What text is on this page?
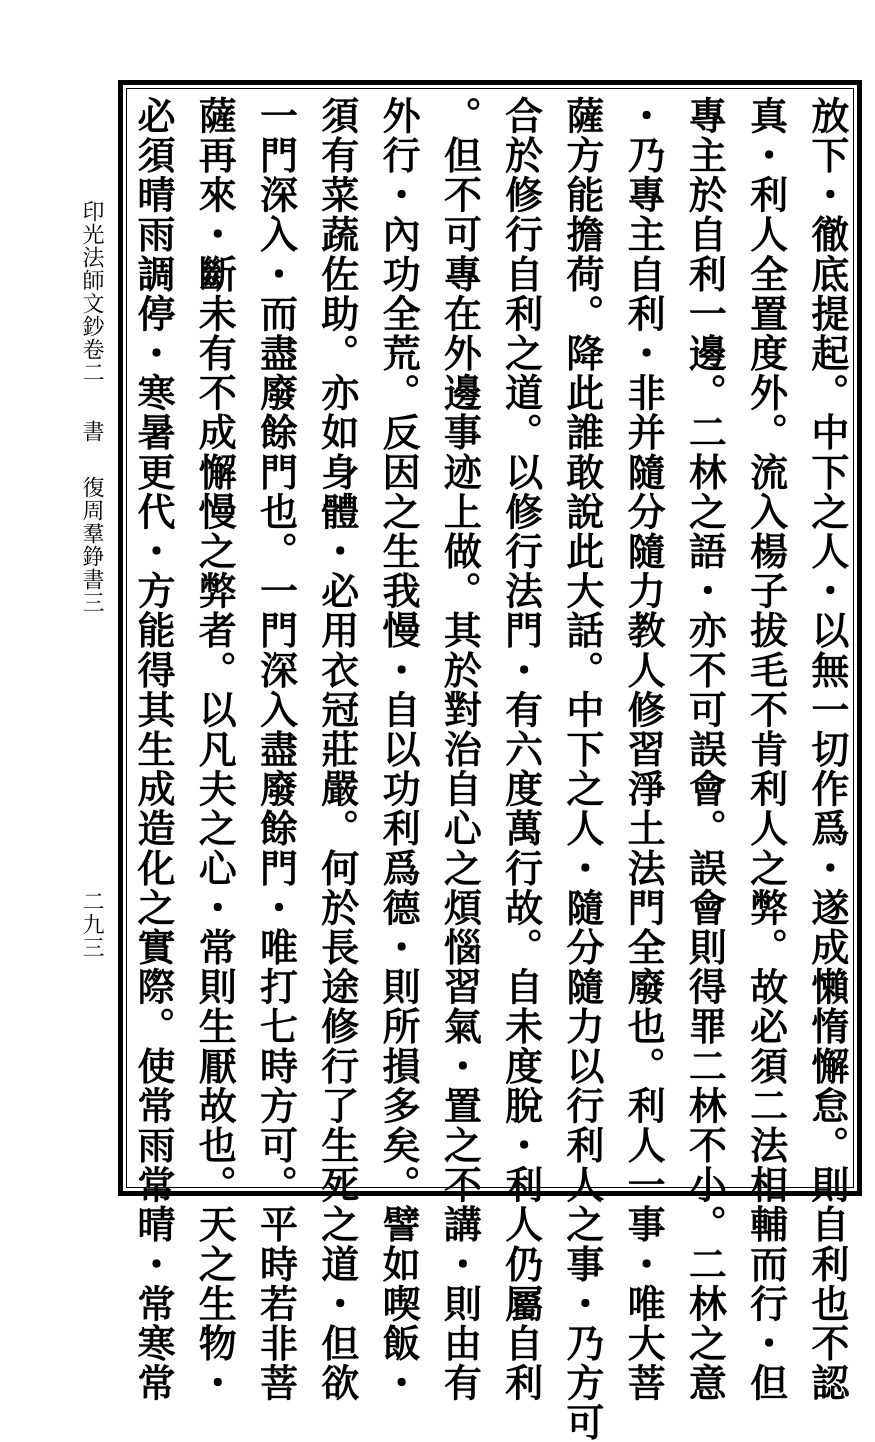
放下・徹底提起。中下之人・以無一切作爲・遂成懶惰懈怠。則自利也不認
真・利人全置度外。流入楊子拔毛不肯利人之弊。故必須二法相輔而行・但
專主於自利一邊。二林之語・亦不可誤會。誤會則得罪二林不小。二林之意
・乃專主自利・非并隨分隨力教人修習淨土法門全廢也。利人一事・唯大菩
薩方能擔荷。降此誰敢說此大話。中下之人・隨分隨力以行利人之事・乃方可
合於修行自利之道。以修行法門・有六度萬行故。自未度脫・利人仍屬自利
。但不可專在外邊事迹上做。其於對治自心之煩惱習氣・置之不講・則由有
外行・內功全荒。反因之生我慢・自以功利爲德・則所損多矣。譬如喫飯・
須有菜蔬佐助。亦如身體・必用衣冠莊嚴。何於長途修行了生死之道・但欲
一門深入・而盡廢餘門也。一門深入盡廢餘門・唯打七時方可。平時若非菩
薩再來・斷未有不成懈慢之弊者。以凡夫之心・常則生厭故也。天之生物・
必須晴雨調停・寒暑更代・方能得其生成造化之實際。使常雨常晴・常寒常
印光法師文鈔卷二
書
復周羣錚書三
二九三
